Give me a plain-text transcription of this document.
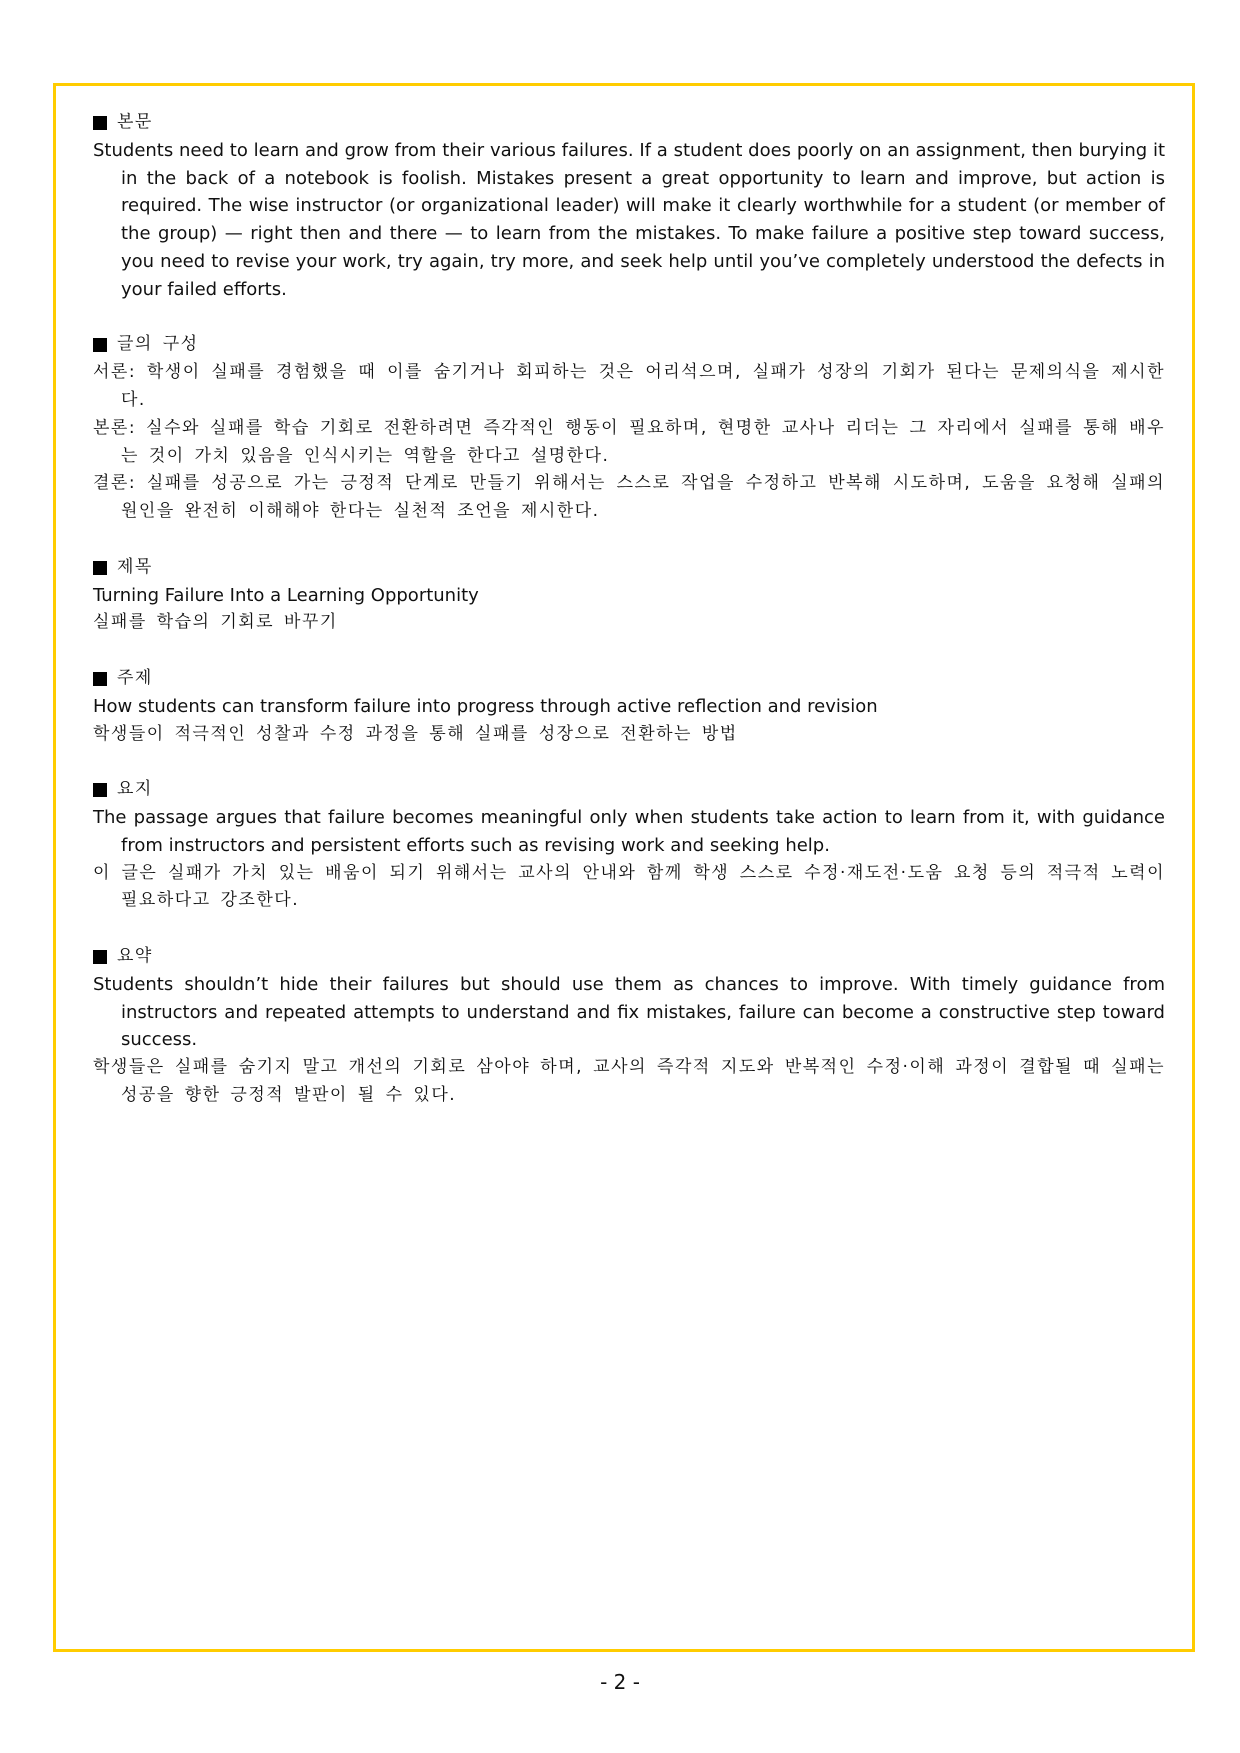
본문

Students need to learn and grow from their various failures. If a student does poorly on an assignment, then burying it in the back of a notebook is foolish. Mistakes present a great opportunity to learn and improve, but action is required. The wise instructor (or organizational leader) will make it clearly worthwhile for a student (or member of the group) — right then and there — to learn from the mistakes. To make failure a positive step toward success, you need to revise your work, try again, try more, and seek help until you’ve completely understood the defects in your failed efforts.

글의 구성

서론: 학생이 실패를 경험했을 때 이를 숨기거나 회피하는 것은 어리석으며, 실패가 성장의 기회가 된다는 문제의식을 제시한다.

본론: 실수와 실패를 학습 기회로 전환하려면 즉각적인 행동이 필요하며, 현명한 교사나 리더는 그 자리에서 실패를 통해 배우는 것이 가치 있음을 인식시키는 역할을 한다고 설명한다.

결론: 실패를 성공으로 가는 긍정적 단계로 만들기 위해서는 스스로 작업을 수정하고 반복해 시도하며, 도움을 요청해 실패의 원인을 완전히 이해해야 한다는 실천적 조언을 제시한다.

제목

Turning Failure Into a Learning Opportunity

실패를 학습의 기회로 바꾸기

주제

How students can transform failure into progress through active reflection and revision

학생들이 적극적인 성찰과 수정 과정을 통해 실패를 성장으로 전환하는 방법

요지

The passage argues that failure becomes meaningful only when students take action to learn from it, with guidance from instructors and persistent efforts such as revising work and seeking help.

이 글은 실패가 가치 있는 배움이 되기 위해서는 교사의 안내와 함께 학생 스스로 수정·재도전·도움 요청 등의 적극적 노력이 필요하다고 강조한다.

요약

Students shouldn’t hide their failures but should use them as chances to improve. With timely guidance from instructors and repeated attempts to understand and fix mistakes, failure can become a constructive step toward success.

학생들은 실패를 숨기지 말고 개선의 기회로 삼아야 하며, 교사의 즉각적 지도와 반복적인 수정·이해 과정이 결합될 때 실패는 성공을 향한 긍정적 발판이 될 수 있다.

- 2 -
